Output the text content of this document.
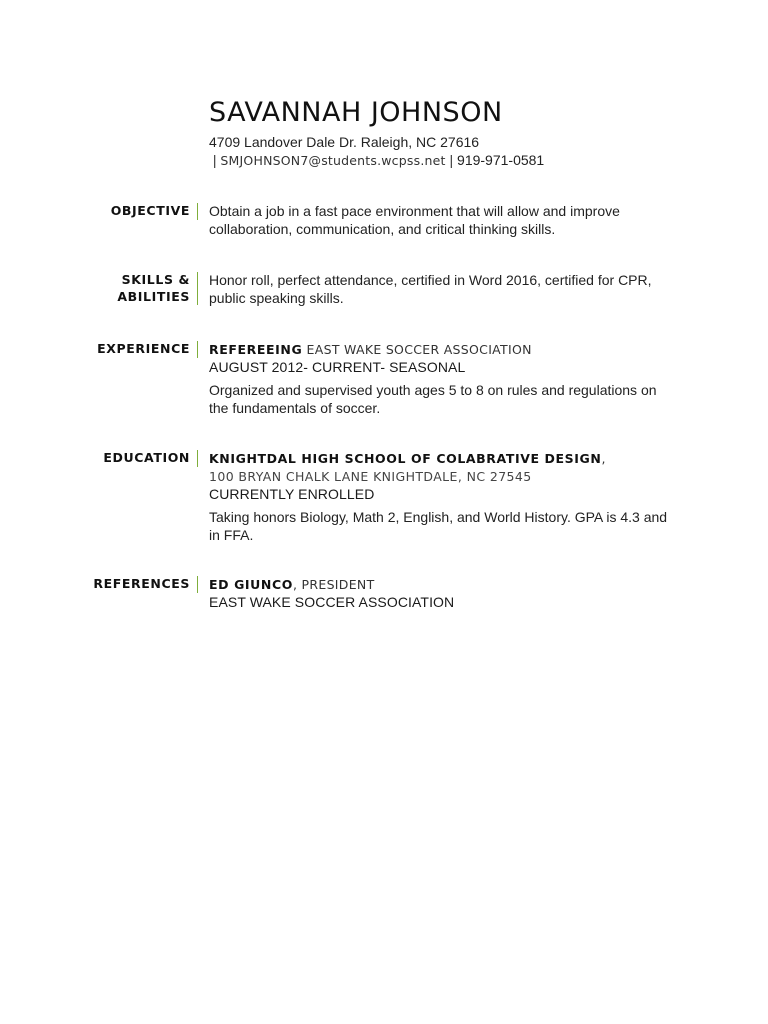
SAVANNAH JOHNSON
4709 Landover Dale Dr. Raleigh, NC 27616
| SMJOHNSON7@students.wcpss.net | 919-971-0581
OBJECTIVE Obtain a job in a fast pace environment that will allow and improve collaboration, communication, and critical thinking skills.

SKILLS &
ABILITIES

Honor roll, perfect attendance, certified in Word 2016, certified for CPR, public speaking skills.

EXPERIENCE REFEREEING EAST WAKE SOCCER ASSOCIATION
AUGUST 2012- CURRENT- SEASONAL

Organized and supervised youth ages 5 to 8 on rules and regulations on the fundamentals of soccer.

EDUCATION KNIGHTDAL HIGH SCHOOL OF COLABRATIVE DESIGN,
100 BRYAN CHALK LANE KNIGHTDALE, NC 27545
CURRENTLY ENROLLED

Taking honors Biology, Math 2, English, and World History. GPA is 4.3 and in FFA.

REFERENCES ED GIUNCO, PRESIDENT
EAST WAKE SOCCER ASSOCIATION
